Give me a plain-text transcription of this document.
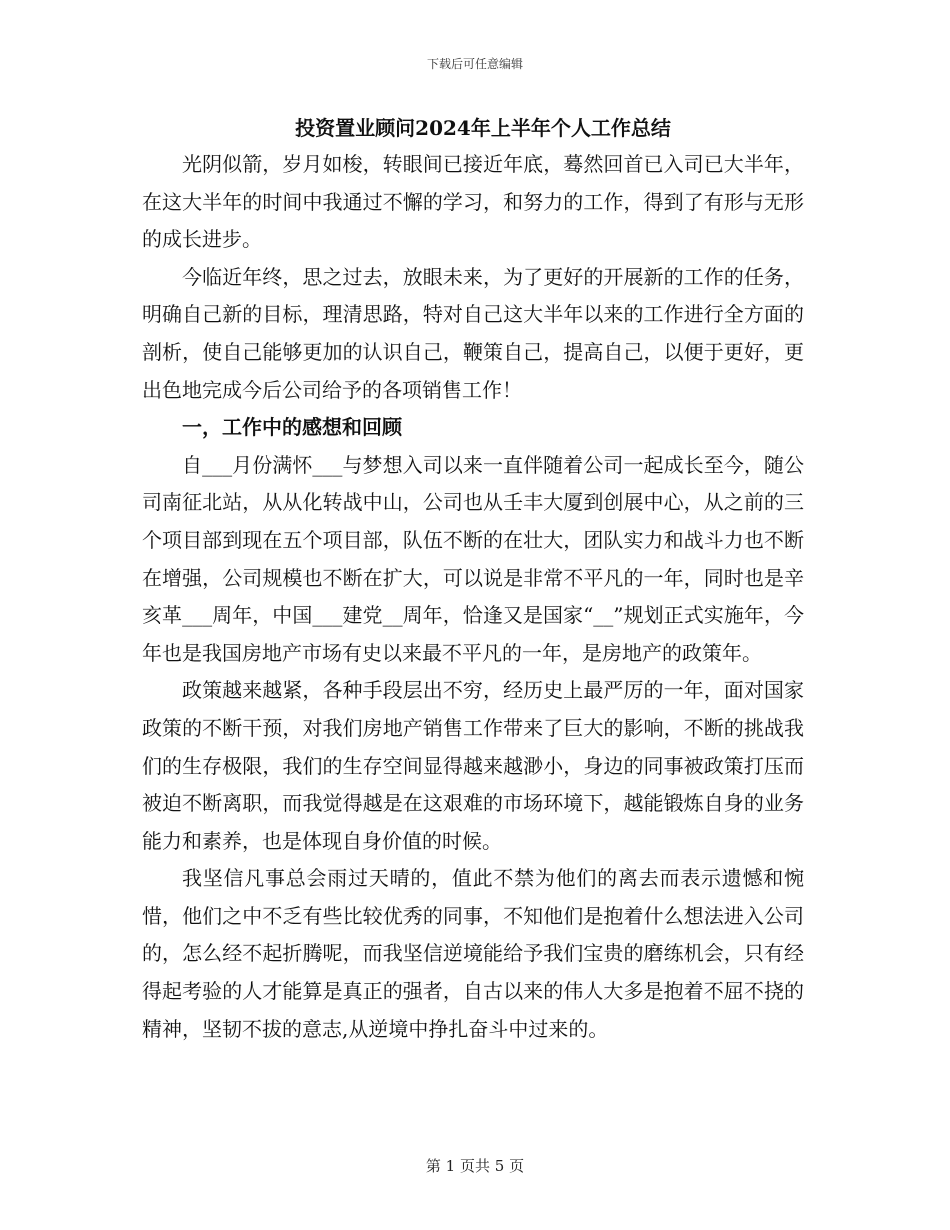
下载后可任意编辑
投资置业顾问2024年上半年个人工作总结

光阴似箭，岁月如梭，转眼间已接近年底，蓦然回首已入司已大半年，在这大半年的时间中我通过不懈的学习，和努力的工作，得到了有形与无形的成长进步。

今临近年终，思之过去，放眼未来，为了更好的开展新的工作的任务，明确自己新的目标，理清思路，特对自己这大半年以来的工作进行全方面的剖析，使自己能够更加的认识自己，鞭策自己，提高自己，以便于更好，更出色地完成今后公司给予的各项销售工作！

一，工作中的感想和回顾

自___月份满怀___与梦想入司以来一直伴随着公司一起成长至今，随公司南征北站，从从化转战中山，公司也从壬丰大厦到创展中心，从之前的三个项目部到现在五个项目部，队伍不断的在壮大，团队实力和战斗力也不断在增强，公司规模也不断在扩大，可以说是非常不平凡的一年，同时也是辛亥革___周年，中国___建党__周年，恰逢又是国家“__”规划正式实施年，今年也是我国房地产市场有史以来最不平凡的一年，是房地产的政策年。

政策越来越紧，各种手段层出不穷，经历史上最严厉的一年，面对国家政策的不断干预，对我们房地产销售工作带来了巨大的影响，不断的挑战我们的生存极限，我们的生存空间显得越来越渺小，身边的同事被政策打压而被迫不断离职，而我觉得越是在这艰难的市场环境下，越能锻炼自身的业务能力和素养，也是体现自身价值的时候。

我坚信凡事总会雨过天晴的，值此不禁为他们的离去而表示遗憾和惋惜，他们之中不乏有些比较优秀的同事，不知他们是抱着什么想法进入公司的，怎么经不起折腾呢，而我坚信逆境能给予我们宝贵的磨练机会，只有经得起考验的人才能算是真正的强者，自古以来的伟人大多是抱着不屈不挠的精神，坚韧不拔的意志,从逆境中挣扎奋斗中过来的。

第 1 页共 5 页
